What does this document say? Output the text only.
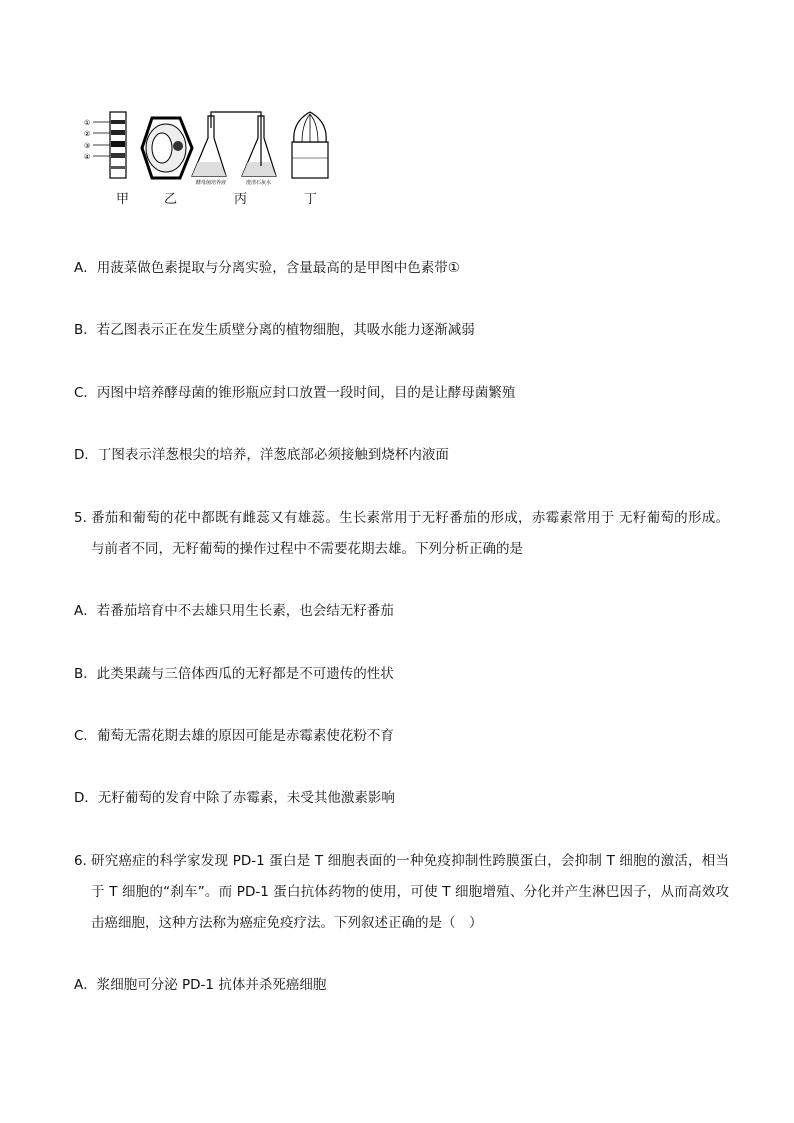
①
②
③
④
酵母菌培养液	澄清石灰水
甲	乙	丙	丁
A．用菠菜做色素提取与分离实验，含量最高的是甲图中色素带①
B．若乙图表示正在发生质壁分离的植物细胞，其吸水能力逐渐减弱
C．丙图中培养酵母菌的锥形瓶应封口放置一段时间，目的是让酵母菌繁殖
D．丁图表示洋葱根尖的培养，洋葱底部必须接触到烧杯内液面
5．
番茄和葡萄的花中都既有雌蕊又有雄蕊。生长素常用于无籽番茄的形成，赤霉素常用于 无籽葡萄的形成。与前者不同，无籽葡萄的操作过程中不需要花期去雄。下列分析正确的是
A．若番茄培育中不去雄只用生长素，也会结无籽番茄
B．此类果蔬与三倍体西瓜的无籽都是不可遗传的性状
C．葡萄无需花期去雄的原因可能是赤霉素使花粉不育
D．无籽葡萄的发育中除了赤霉素，未受其他激素影响
6．
研究癌症的科学家发现 PD-1 蛋白是 T 细胞表面的一种免疫抑制性跨膜蛋白，会抑制 T 细胞的激活，相当于 T 细胞的“刹车”。而 PD-1 蛋白抗体药物的使用，可使 T 细胞增殖、分化并产生淋巴因子，从而高效攻击癌细胞，这种方法称为癌症免疫疗法。下列叙述正确的是（　）
A．浆细胞可分泌 PD-1 抗体并杀死癌细胞
